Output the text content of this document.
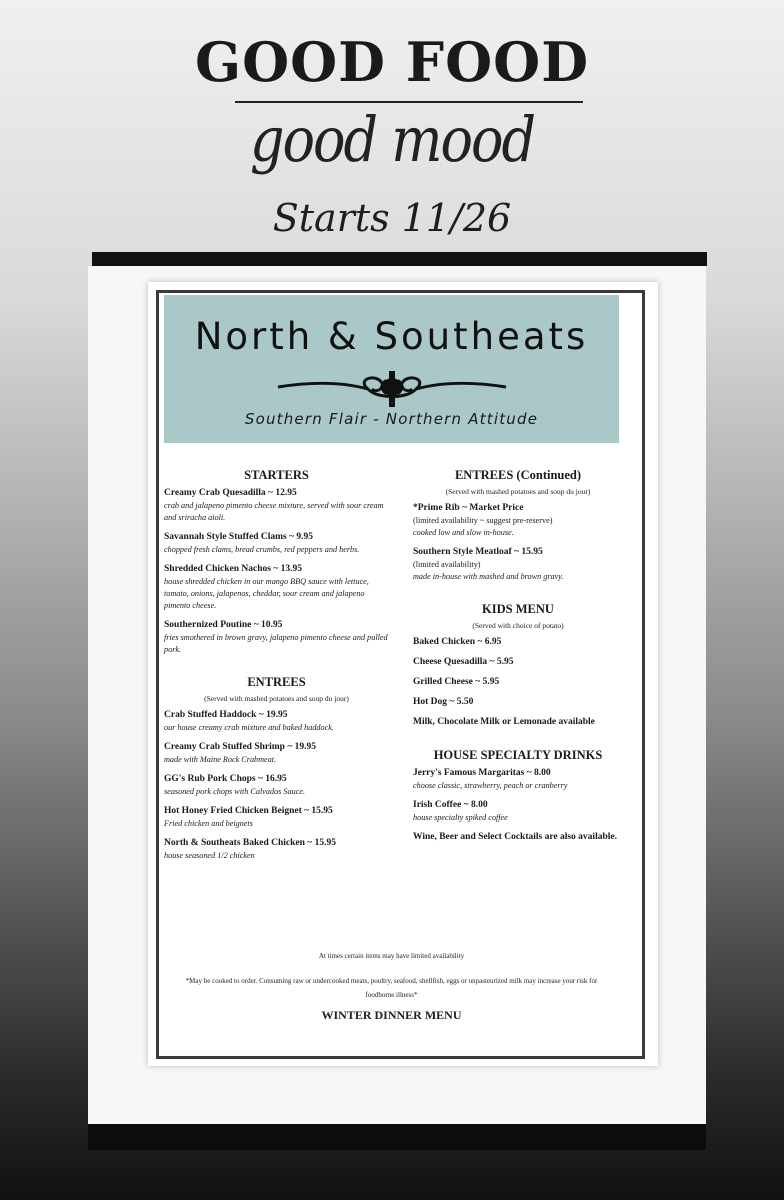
GOOD FOOD
good mood
Starts 11/26
North & Southeats
Southern Flair - Northern Attitude
STARTERS
Creamy Crab Quesadilla ~ 12.95
crab and jalapeno pimento cheese mixture, served with sour cream and sriracha aioli.
Savannah Style Stuffed Clams ~ 9.95
chopped fresh clams, bread crumbs, red peppers and herbs.
Shredded Chicken Nachos ~ 13.95
house shredded chicken in our mango BBQ sauce with lettuce, tomato, onions, jalapenos, cheddar, sour cream and jalapeno pimento cheese.
Southernized Poutine ~ 10.95
fries smothered in brown gravy, jalapeno pimento cheese and pulled pork.
ENTREES
(Served with mashed potatoes and soup du jour)
Crab Stuffed Haddock ~ 19.95
our house creamy crab mixture and baked haddock.
Creamy Crab Stuffed Shrimp ~ 19.95
made with Maine Rock Crabmeat.
GG's Rub Pork Chops ~ 16.95
seasoned pork chops with Calvados Sauce.
Hot Honey Fried Chicken Beignet ~ 15.95
Fried chicken and beignets
North & Southeats Baked Chicken ~ 15.95
house seasoned 1/2 chicken
ENTREES (Continued)
(Served with mashed potatoes and soup du jour)
*Prime Rib ~ Market Price
(limited availability ~ suggest pre-reserve)
cooked low and slow in-house.
Southern Style Meatloaf ~ 15.95
(limited availability)
made in-house with mashed and brown gravy.
KIDS MENU
(Served with choice of potato)
Baked Chicken ~ 6.95
Cheese Quesadilla ~ 5.95
Grilled Cheese ~ 5.95
Hot Dog ~ 5.50
Milk, Chocolate Milk or Lemonade available
HOUSE SPECIALTY DRINKS
Jerry's Famous Margaritas ~ 8.00
choose classic, strawberry, peach or cranberry
Irish Coffee ~ 8.00
house specialty spiked coffee
Wine, Beer and Select Cocktails are also available.
At times certain items may have limited availability
*May be cooked to order. Consuming raw or undercooked meats, poultry, seafood, shellfish, eggs or unpasteurized milk may increase your risk for foodborne illness*
WINTER DINNER MENU
